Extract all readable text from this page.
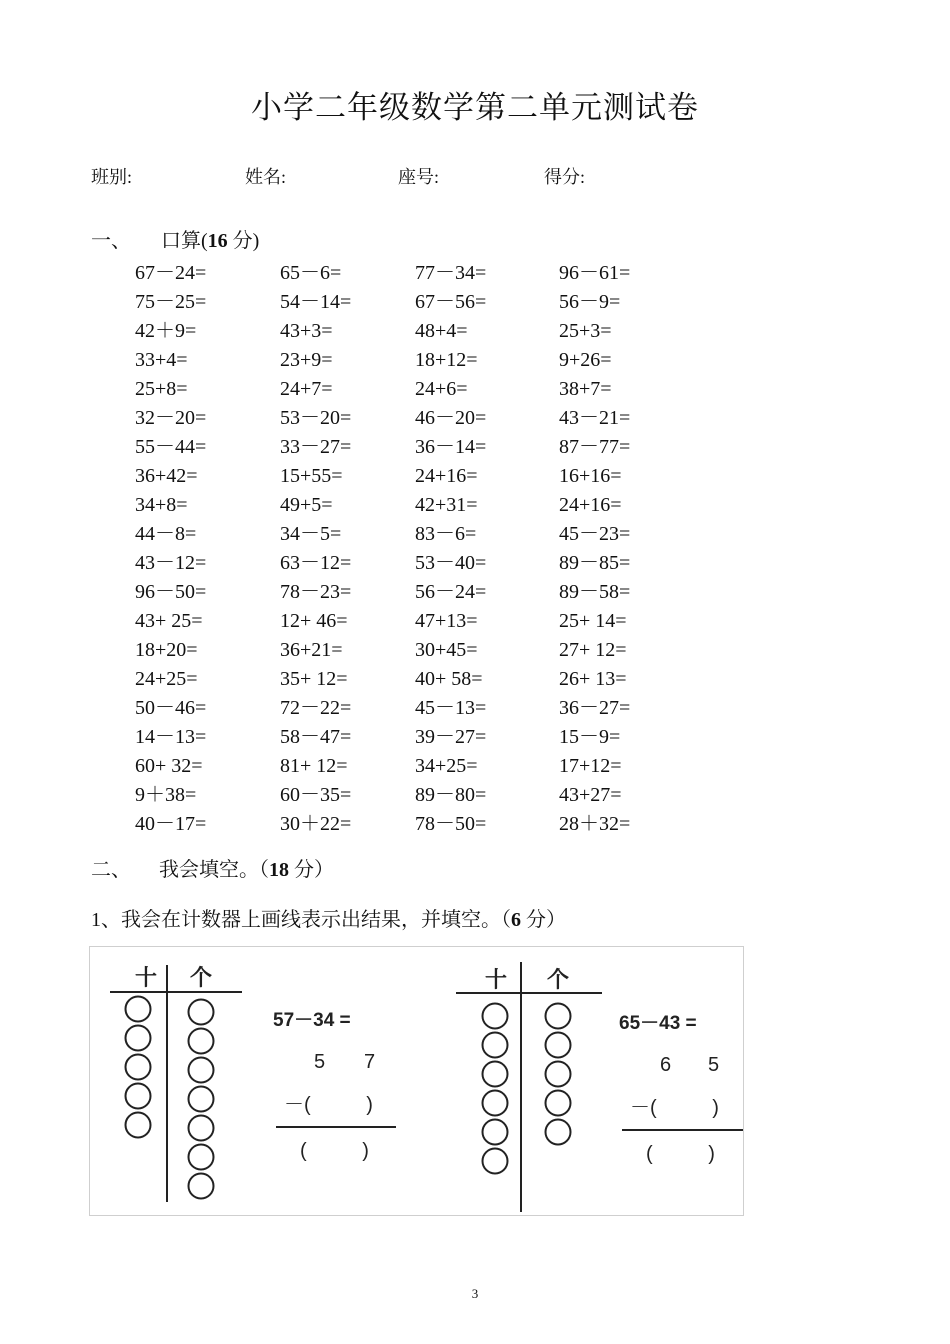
小学二年级数学第二单元测试卷
班别:	姓名:	座号:	得分:
一、 口算(16 分)
67－24=	65－6=	77－34=	96－61=
75－25=	54－14=	67－56=	56－9=
42＋9=	43+3=	48+4=	25+3=
33+4=	23+9=	18+12=	9+26=
25+8=	24+7=	24+6=	38+7=
32－20=	53－20=	46－20=	43－21=
55－44=	33－27=	36－14=	87－77=
36+42=	15+55=	24+16=	16+16=
34+8=	49+5=	42+31=	24+16=
44－8=	34－5=	83－6=	45－23=
43－12=	63－12=	53－40=	89－85=
96－50=	78－23=	56－24=	89－58=
43+ 25=	12+ 46=	47+13=	25+ 14=
18+20=	36+21=	30+45=	27+ 12=
24+25=	35+ 12=	40+ 58=	26+ 13=
50－46=	72－22=	45－13=	36－27=
14－13=	58－47=	39－27=	15－9=
60+ 32=	81+ 12=	34+25=	17+12=
9＋38=	60－35=	89－80=	43+27=
40－17=	30＋22=	78－50=	28＋32=
二、 我会填空。（18 分）
1、我会在计数器上画线表示出结果，并填空。（6 分）
十 个
57－34 =
5 7
－(          )
(          )
十 个
65－43 =
6 5
－(          )
(          )
3
